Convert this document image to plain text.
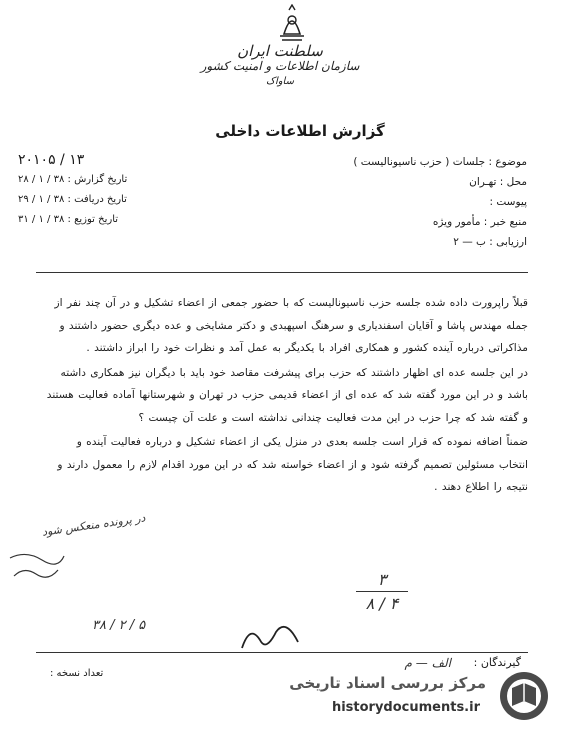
سلطنت ایران
سازمان اطلاعات و امنیت کشور
ساواک
گزارش اطلاعات داخلی
موضوع : جلسات ( حزب ناسیونالیست )
محل : تهـران
پیوست :
منبع خبر : مأمور ویژه
ارزیابی : ب — ۲
۱۳ / ۲۰۱۰۵
تاریخ گزارش : ۳۸ / ۱ / ۲۸
تاریخ دریافت : ۳۸ / ۱ / ۲۹
تاریخ توزیع : ۳۸ / ۱ / ۳۱

قبلاً راپرورت داده شده جلسه حزب ناسیونالیست که با حضور جمعی از اعضاء تشکیل و در آن چند نفر از جمله مهندس پاشا و آقایان اسفندیاری و سرهنگ اسپهبدی و دکتر مشایخی و عده دیگری حضور داشتند و مذاکراتی درباره آینده کشور و همکاری افراد با یکدیگر به عمل آمد و نظرات خود را ابراز داشتند .

در این جلسه عده ای اظهار داشتند که حزب برای پیشرفت مقاصد خود باید با دیگران نیز همکاری داشته باشد و در این مورد گفته شد که عده ای از اعضاء قدیمی حزب در تهران و شهرستانها آماده فعالیت هستند و گفته شد که چرا حزب در این مدت فعالیت چندانی نداشته است و علت آن چیست ؟

ضمناً اضافه نموده که قرار است جلسه بعدی در منزل یکی از اعضاء تشکیل و درباره فعالیت آینده و انتخاب مسئولین تصمیم گرفته شود و از اعضاء خواسته شد که در این مورد اقدام لازم را معمول دارند و نتیجه را اطلاع دهند .

در پرونده منعکس شود
۳۸ / ۲ / ۵
۳
۸ / ۴
گیرندگان :
الف — م
تعداد نسخه :
مرکز بررسی اسناد تاریخی
historydocuments.ir
